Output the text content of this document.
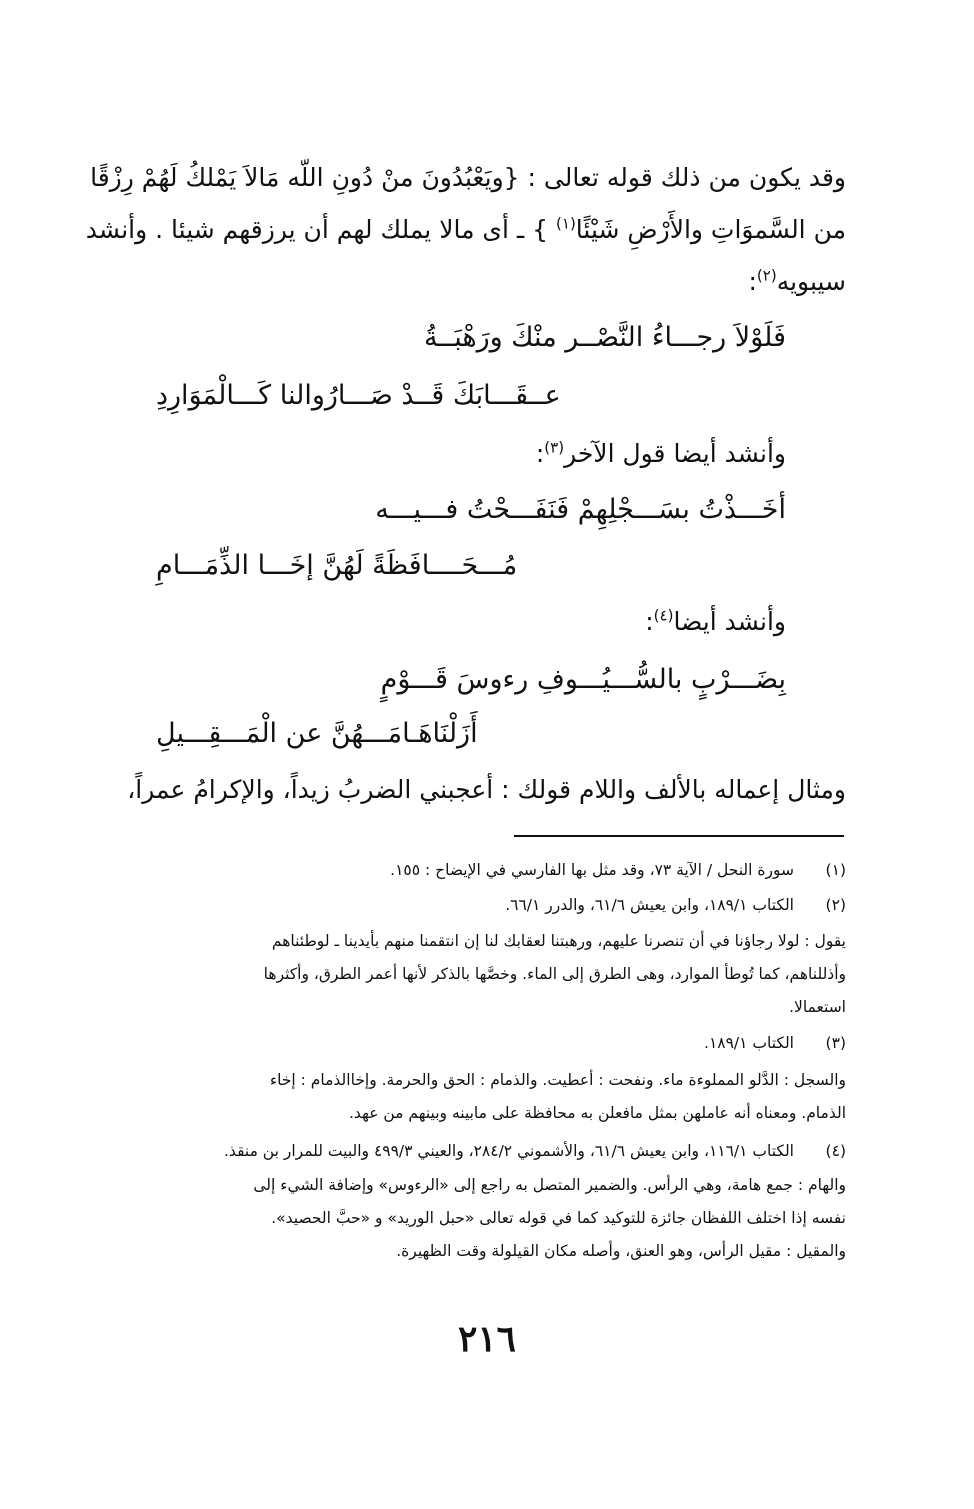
وقد يكون من ذلك قوله تعالى : {ويَعْبُدُونَ منْ دُونِ اللّه مَالاَ يَمْلكُ لَهُمْ رِزْقًا
من السَّموَاتِ والأَرْضِ شَيْئًا$^{(١)}$ } ـ أى مالا يملك لهم أن يرزقهم شيئا . وأنشد
سيبويه$^{(٢)}$:
فَلَوْلاَ رجـــاءُ النَّصْــر منْكَ ورَهْبَــةُ
عــقَـــابَكَ قَــدْ صَـــارُوالنا كَـــالْمَوَارِدِ
وأنشد أيضا قول الآخر$^{(٣)}$:
أخَـــذْتُ بسَـــجْلِهِمْ فَنَفَـــحْتُ فـــيـــه
مُـــحَــــافَظَةً لَهُنَّ إخَـــا الذِّمَـــامِ
وأنشد أيضا$^{(٤)}$:
بِضَـــرْبٍ بالسُّـــيُـــوفِ رءوسَ قَـــوْمٍ
أَزَلْنَاهَـامَـــهُنَّ عن الْمَـــقِـــيلِ
ومثال إعماله بالألف واللام قولك : أعجبني الضربُ زيداً، والإكرامُ عمراً،
(١)
سورة النحل / الآية ٧٣، وقد مثل بها الفارسي في الإيضاح : ١٥٥.
(٢)
الكتاب ١٨٩/١، وابن يعيش ٦١/٦، والدرر ٦٦/١.
يقول : لولا رجاؤنا في أن تنصرنا عليهم، ورهبتنا لعقابك لنا إن انتقمنا منهم بأيدينا ـ لوطئناهم
وأذللناهم، كما تُوطأ الموارد، وهى الطرق إلى الماء. وخصَّها بالذكر لأنها أعمر الطرق، وأكثرها
استعمالا.
(٣)
الكتاب ١٨٩/١.
والسجل : الدَّلو المملوءة ماء. ونفحت : أعطيت. والذمام : الحق والحرمة. وإخاالذمام : إخاء
الذمام. ومعناه أنه عاملهن بمثل مافعلن به محافظة على مابينه وبينهم من عهد.
(٤)
الكتاب ١١٦/١، وابن يعيش ٦١/٦، والأشموني ٢٨٤/٢، والعيني ٤٩٩/٣ والبيت للمرار بن منقذ.
والهام : جمع هامة، وهي الرأس. والضمير المتصل به راجع إلى «الرءوس» وإضافة الشيء إلى
نفسه إذا اختلف اللفظان جائزة للتوكيد كما في قوله تعالى «حبل الوريد» و «حبَّ الحصيد».
والمقيل : مقيل الرأس، وهو العنق، وأصله مكان القيلولة وقت الظهيرة.
٢١٦
